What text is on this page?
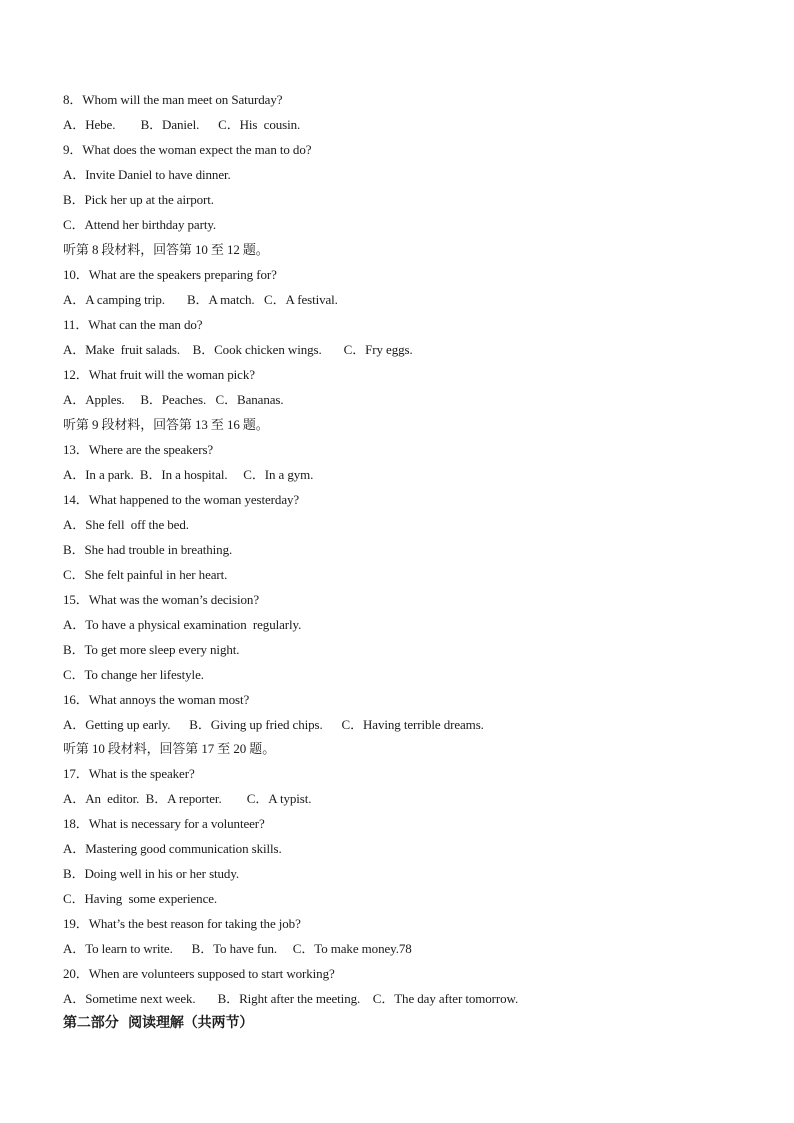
8．Whom will the man meet on Saturday?
A．Hebe.        B．Daniel.      C．His  cousin.
9．What does the woman expect the man to do?
A．Invite Daniel to have dinner.
B．Pick her up at the airport.
C．Attend her birthday party.
听第 8 段材料，回答第 10 至 12 题。
10．What are the speakers preparing for?
A．A camping trip.       B．A match.   C．A festival.
11．What can the man do?
A．Make  fruit salads.    B．Cook chicken wings.       C．Fry eggs.
12．What fruit will the woman pick?
A．Apples.     B．Peaches.   C．Bananas.
听第 9 段材料，回答第 13 至 16 题。
13．Where are the speakers?
A．In a park.  B．In a hospital.     C．In a gym.
14．What happened to the woman yesterday?
A．She fell  off the bed.
B．She had trouble in breathing.
C．She felt painful in her heart.
15．What was the woman’s decision?
A．To have a physical examination  regularly.
B．To get more sleep every night.
C．To change her lifestyle.
16．What annoys the woman most?
A．Getting up early.      B．Giving up fried chips.      C．Having terrible dreams.
听第 10 段材料，回答第 17 至 20 题。
17．What is the speaker?
A．An  editor.  B．A reporter.        C．A typist.
18．What is necessary for a volunteer?
A．Mastering good communication skills.
B．Doing well in his or her study.
C．Having  some experience.
19．What’s the best reason for taking the job?
A．To learn to write.      B．To have fun.     C．To make money.78
20．When are volunteers supposed to start working?
A．Sometime next week.       B．Right after the meeting.    C．The day after tomorrow.
第二部分  阅读理解（共两节）
